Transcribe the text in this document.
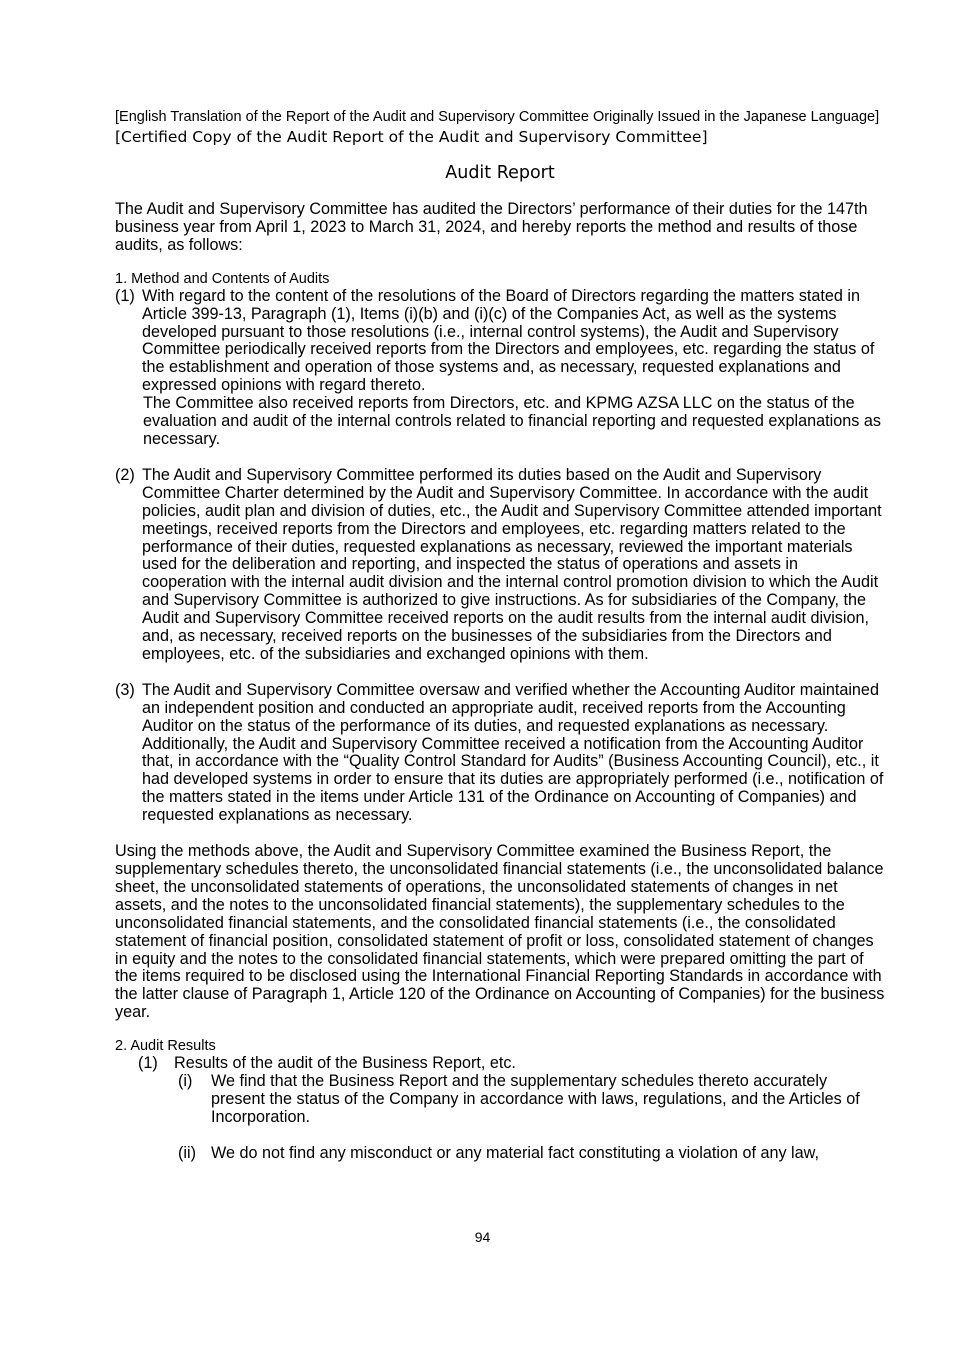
[English Translation of the Report of the Audit and Supervisory Committee Originally Issued in the Japanese Language]
[Certified Copy of the Audit Report of the Audit and Supervisory Committee]
Audit Report

The Audit and Supervisory Committee has audited the Directors’ performance of their duties for the 147th business year from April 1, 2023 to March 31, 2024, and hereby reports the method and results of those audits, as follows:

1. Method and Contents of Audits
(1) With regard to the content of the resolutions of the Board of Directors regarding the matters stated in Article 399-13, Paragraph (1), Items (i)(b) and (i)(c) of the Companies Act, as well as the systems developed pursuant to those resolutions (i.e., internal control systems), the Audit and Supervisory Committee periodically received reports from the Directors and employees, etc. regarding the status of the establishment and operation of those systems and, as necessary, requested explanations and expressed opinions with regard thereto.
The Committee also received reports from Directors, etc. and KPMG AZSA LLC on the status of the evaluation and audit of the internal controls related to financial reporting and requested explanations as necessary.
(2) The Audit and Supervisory Committee performed its duties based on the Audit and Supervisory Committee Charter determined by the Audit and Supervisory Committee. In accordance with the audit policies, audit plan and division of duties, etc., the Audit and Supervisory Committee attended important meetings, received reports from the Directors and employees, etc. regarding matters related to the performance of their duties, requested explanations as necessary, reviewed the important materials used for the deliberation and reporting, and inspected the status of operations and assets in cooperation with the internal audit division and the internal control promotion division to which the Audit and Supervisory Committee is authorized to give instructions. As for subsidiaries of the Company, the Audit and Supervisory Committee received reports on the audit results from the internal audit division, and, as necessary, received reports on the businesses of the subsidiaries from the Directors and employees, etc. of the subsidiaries and exchanged opinions with them.
(3) The Audit and Supervisory Committee oversaw and verified whether the Accounting Auditor maintained an independent position and conducted an appropriate audit, received reports from the Accounting Auditor on the status of the performance of its duties, and requested explanations as necessary. Additionally, the Audit and Supervisory Committee received a notification from the Accounting Auditor that, in accordance with the “Quality Control Standard for Audits” (Business Accounting Council), etc., it had developed systems in order to ensure that its duties are appropriately performed (i.e., notification of the matters stated in the items under Article 131 of the Ordinance on Accounting of Companies) and requested explanations as necessary.

Using the methods above, the Audit and Supervisory Committee examined the Business Report, the supplementary schedules thereto, the unconsolidated financial statements (i.e., the unconsolidated balance sheet, the unconsolidated statements of operations, the unconsolidated statements of changes in net assets, and the notes to the unconsolidated financial statements), the supplementary schedules to the unconsolidated financial statements, and the consolidated financial statements (i.e., the consolidated statement of financial position, consolidated statement of profit or loss, consolidated statement of changes in equity and the notes to the consolidated financial statements, which were prepared omitting the part of the items required to be disclosed using the International Financial Reporting Standards in accordance with the latter clause of Paragraph 1, Article 120 of the Ordinance on Accounting of Companies) for the business year.

2. Audit Results
(1)	Results of the audit of the Business Report, etc.
(i)	We find that the Business Report and the supplementary schedules thereto accurately present the status of the Company in accordance with laws, regulations, and the Articles of Incorporation.
(ii) We do not find any misconduct or any material fact constituting a violation of any law,
94
